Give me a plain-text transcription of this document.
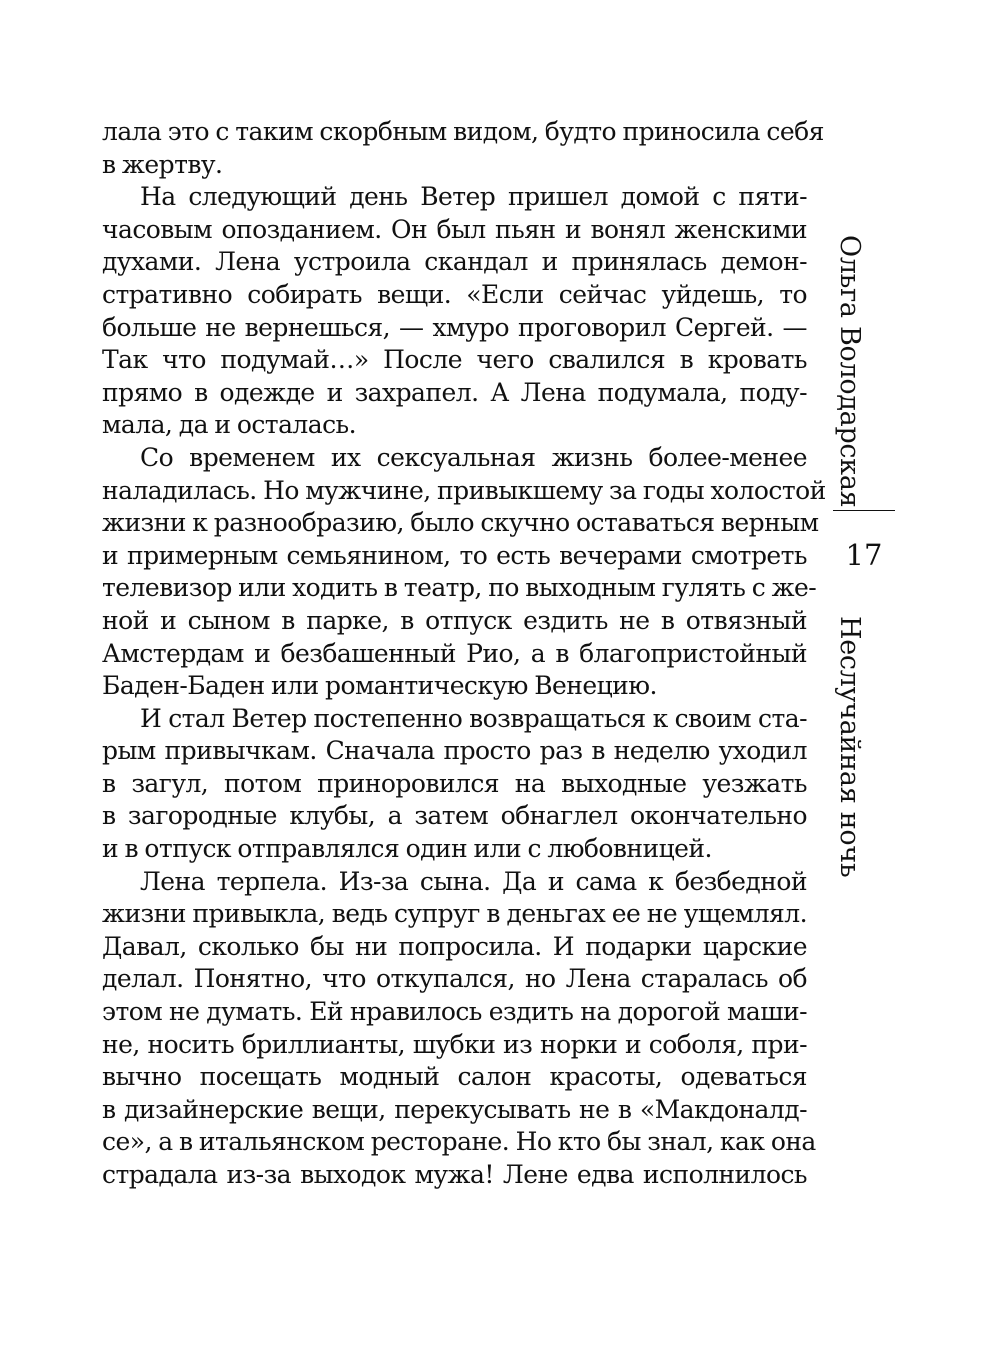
лала это с таким скорбным видом, будто приносила себя
в жертву.
На следующий день Ветер пришел домой с пяти-
часовым опозданием. Он был пьян и вонял женскими
духами. Лена устроила скандал и принялась демон-
стративно собирать вещи. «Если сейчас уйдешь, то
больше не вернешься, — хмуро проговорил Сергей. —
Так что подумай…» После чего свалился в кровать
прямо в одежде и захрапел. А Лена подумала, поду-
мала, да и осталась.
Со временем их сексуальная жизнь более-менее
наладилась. Но мужчине, привыкшему за годы холостой
жизни к разнообразию, было скучно оставаться верным
и примерным семьянином, то есть вечерами смотреть
телевизор или ходить в театр, по выходным гулять с же-
ной и сыном в парке, в отпуск ездить не в отвязный
Амстердам и безбашенный Рио, а в благопристойный
Баден-Баден или романтическую Венецию.
И стал Ветер постепенно возвращаться к своим ста-
рым привычкам. Сначала просто раз в неделю уходил
в загул, потом приноровился на выходные уезжать
в загородные клубы, а затем обнаглел окончательно
и в отпуск отправлялся один или с любовницей.
Лена терпела. Из-за сына. Да и сама к безбедной
жизни привыкла, ведь супруг в деньгах ее не ущемлял.
Давал, сколько бы ни попросила. И подарки царские
делал. Понятно, что откупался, но Лена старалась об
этом не думать. Ей нравилось ездить на дорогой маши-
не, носить бриллианты, шубки из норки и соболя, при-
вычно посещать модный салон красоты, одеваться
в дизайнерские вещи, перекусывать не в «Макдоналд-
се», а в итальянском ресторане. Но кто бы знал, как она
страдала из-за выходок мужа! Лене едва исполнилось
Ольга Володарская
17
Неслучайная ночь
